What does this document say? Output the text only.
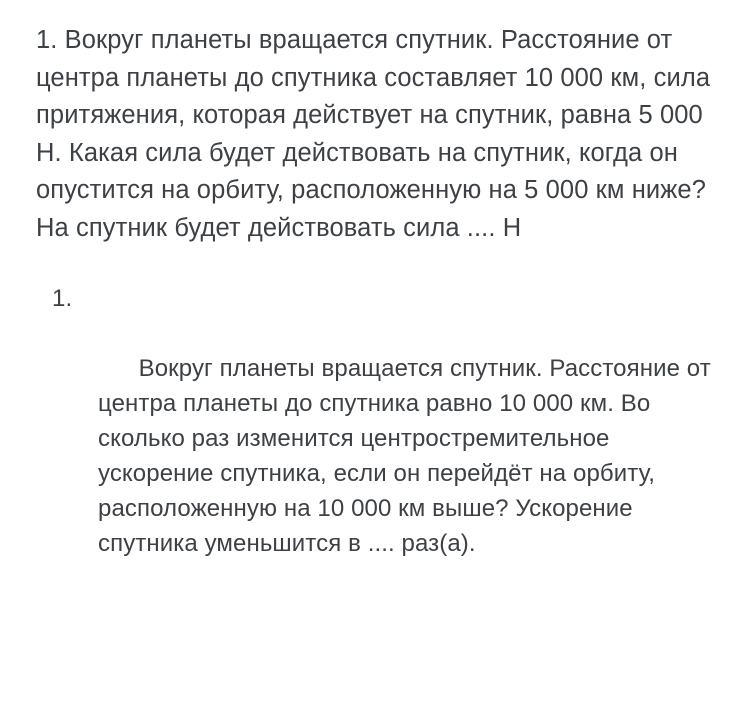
1. Вокруг планеты вращается спутник. Расстояние от центра планеты до спутника составляет 10 000 км, сила притяжения, которая действует на спутник, равна 5 000 Н. Какая сила будет действовать на спутник, когда он опустится на орбиту, расположенную на 5 000 км ниже? На спутник будет действовать сила .... Н

1.

Вокруг планеты вращается спутник. Расстояние от центра планеты до спутника равно 10 000 км. Во сколько раз изменится центростремительное ускорение спутника, если он перейдёт на орбиту, расположенную на 10 000 км выше? Ускорение спутника уменьшится в .... раз(а).
